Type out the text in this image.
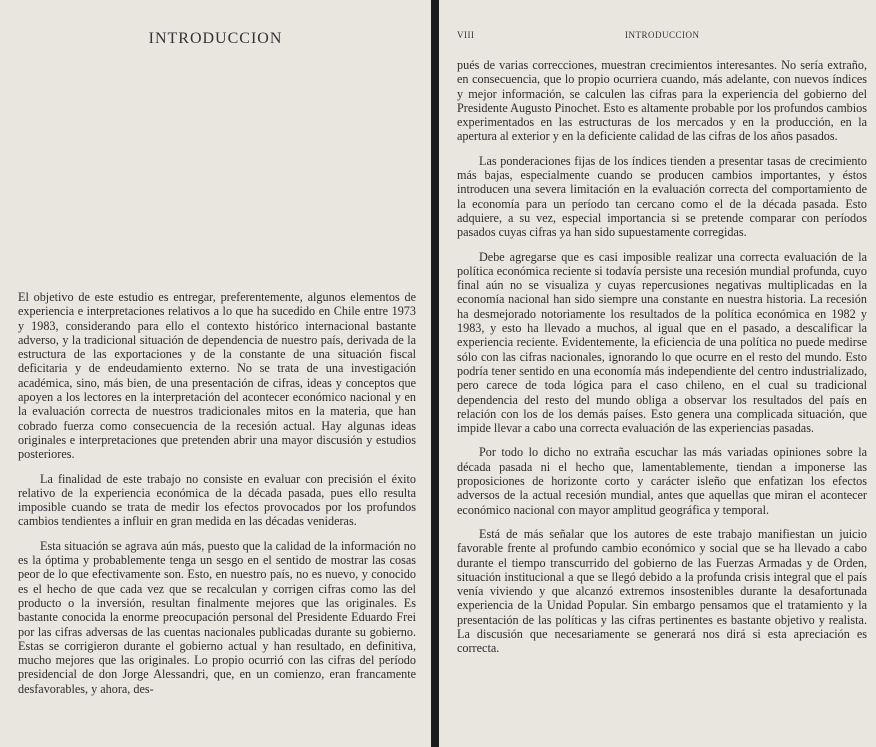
INTRODUCCION

El objetivo de este estudio es entregar, preferentemente, algunos elementos de experiencia e interpretaciones relativos a lo que ha sucedido en Chile entre 1973 y 1983, considerando para ello el contexto histórico internacional bastante adverso, y la tradicional situación de dependencia de nuestro país, derivada de la estructura de las exportaciones y de la constante de una situación fiscal deficitaria y de endeudamiento externo. No se trata de una investigación académica, sino, más bien, de una presentación de cifras, ideas y conceptos que apoyen a los lectores en la interpretación del acontecer económico nacional y en la evaluación correcta de nuestros tradicionales mitos en la materia, que han cobrado fuerza como consecuencia de la recesión actual. Hay algunas ideas originales e interpretaciones que pretenden abrir una mayor discusión y estudios posteriores.

La finalidad de este trabajo no consiste en evaluar con precisión el éxito relativo de la experiencia económica de la década pasada, pues ello resulta imposible cuando se trata de medir los efectos provocados por los profundos cambios tendientes a influir en gran medida en las décadas venideras.

Esta situación se agrava aún más, puesto que la calidad de la información no es la óptima y probablemente tenga un sesgo en el sentido de mostrar las cosas peor de lo que efectivamente son. Esto, en nuestro país, no es nuevo, y conocido es el hecho de que cada vez que se recalculan y corrigen cifras como las del producto o la inversión, resultan finalmente mejores que las originales. Es bastante conocida la enorme preocupación personal del Presidente Eduardo Frei por las cifras adversas de las cuentas nacionales publicadas durante su gobierno. Estas se corrigieron durante el gobierno actual y han resultado, en definitiva, mucho mejores que las originales. Lo propio ocurrió con las cifras del período presidencial de don Jorge Alessandri, que, en un comienzo, eran francamente desfavorables, y ahora, des-

VIII	INTRODUCCION

pués de varias correcciones, muestran crecimientos interesantes. No sería extraño, en consecuencia, que lo propio ocurriera cuando, más adelante, con nuevos índices y mejor información, se calculen las cifras para la experiencia del gobierno del Presidente Augusto Pinochet. Esto es altamente probable por los profundos cambios experimentados en las estructuras de los mercados y en la producción, en la apertura al exterior y en la deficiente calidad de las cifras de los años pasados.

Las ponderaciones fijas de los índices tienden a presentar tasas de crecimiento más bajas, especialmente cuando se producen cambios importantes, y éstos introducen una severa limitación en la evaluación correcta del comportamiento de la economía para un período tan cercano como el de la década pasada. Esto adquiere, a su vez, especial importancia si se pretende comparar con períodos pasados cuyas cifras ya han sido supuestamente corregidas.

Debe agregarse que es casi imposible realizar una correcta evaluación de la política económica reciente si todavía persiste una recesión mundial profunda, cuyo final aún no se visualiza y cuyas repercusiones negativas multiplicadas en la economía nacional han sido siempre una constante en nuestra historia. La recesión ha desmejorado notoriamente los resultados de la política económica en 1982 y 1983, y esto ha llevado a muchos, al igual que en el pasado, a descalificar la experiencia reciente. Evidentemente, la eficiencia de una política no puede medirse sólo con las cifras nacionales, ignorando lo que ocurre en el resto del mundo. Esto podría tener sentido en una economía más independiente del centro industrializado, pero carece de toda lógica para el caso chileno, en el cual su tradicional dependencia del resto del mundo obliga a observar los resultados del país en relación con los de los demás países. Esto genera una complicada situación, que impide llevar a cabo una correcta evaluación de las experiencias pasadas.

Por todo lo dicho no extraña escuchar las más variadas opiniones sobre la década pasada ni el hecho que, lamentablemente, tiendan a imponerse las proposiciones de horizonte corto y carácter isleño que enfatizan los efectos adversos de la actual recesión mundial, antes que aquellas que miran el acontecer económico nacional con mayor amplitud geográfica y temporal.

Está de más señalar que los autores de este trabajo manifiestan un juicio favorable frente al profundo cambio económico y social que se ha llevado a cabo durante el tiempo transcurrido del gobierno de las Fuerzas Armadas y de Orden, situación institucional a que se llegó debido a la profunda crisis integral que el país venía viviendo y que alcanzó extremos insostenibles durante la desafortunada experiencia de la Unidad Popular. Sin embargo pensamos que el tratamiento y la presentación de las políticas y las cifras pertinentes es bastante objetivo y realista. La discusión que necesariamente se generará nos dirá si esta apreciación es correcta.
